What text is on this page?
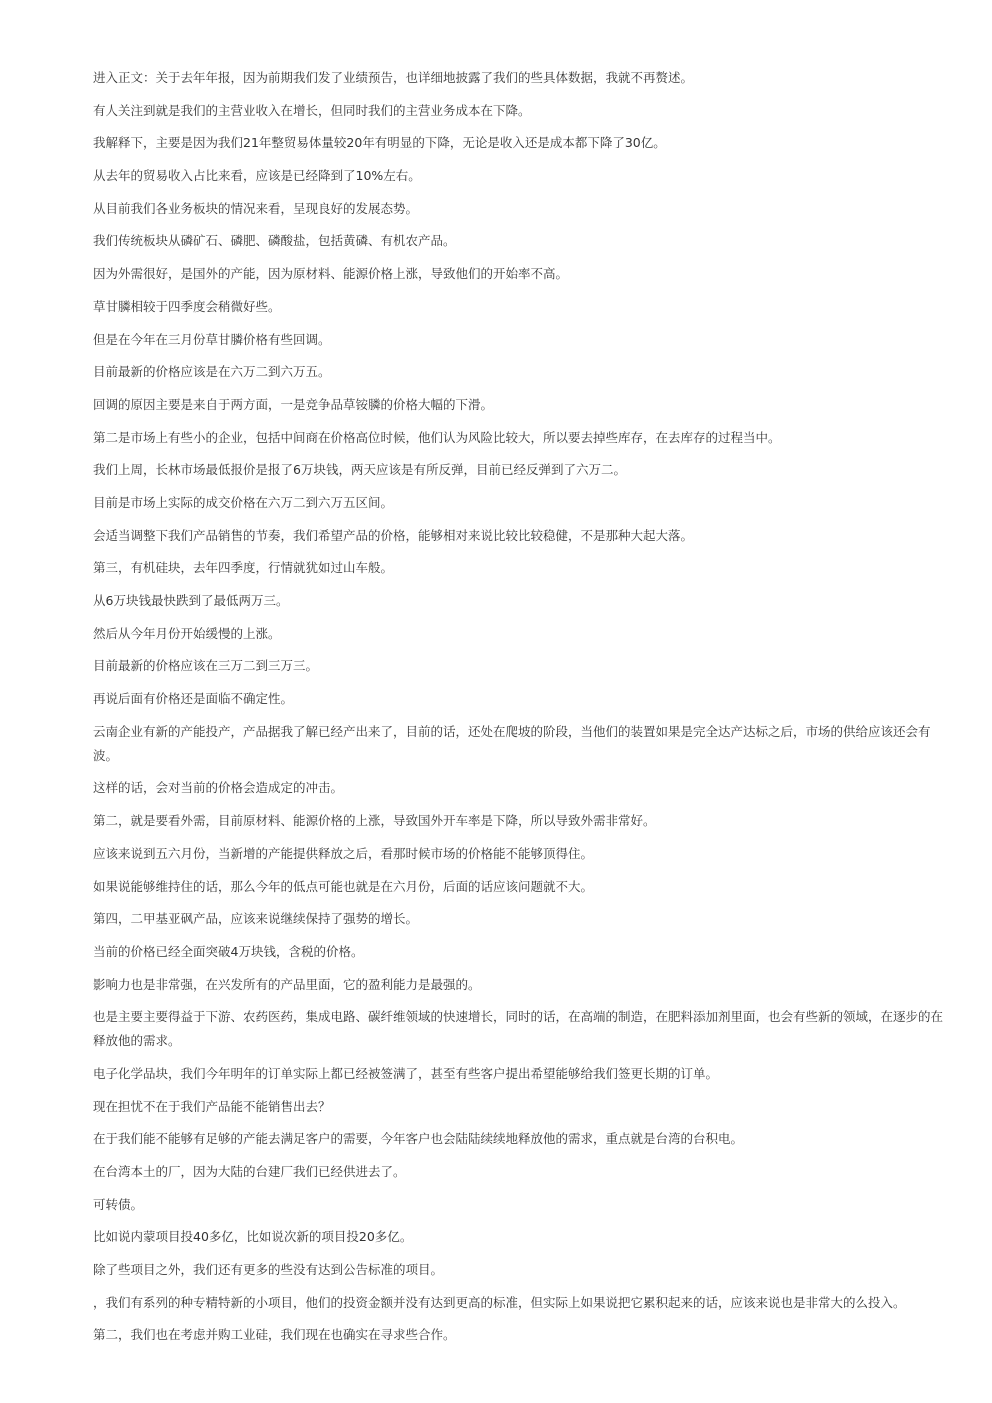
进入正文：关于去年年报，因为前期我们发了业绩预告，也详细地披露了我们的些具体数据，我就不再赘述。

有人关注到就是我们的主营业收入在增长，但同时我们的主营业务成本在下降。

我解释下，主要是因为我们21年整贸易体量较20年有明显的下降，无论是收入还是成本都下降了30亿。

从去年的贸易收入占比来看，应该是已经降到了10%左右。

从目前我们各业务板块的情况来看，呈现良好的发展态势。

我们传统板块从磷矿石、磷肥、磷酸盐，包括黄磷、有机农产品。

因为外需很好，是国外的产能，因为原材料、能源价格上涨，导致他们的开始率不高。

草甘膦相较于四季度会稍微好些。

但是在今年在三月份草甘膦价格有些回调。

目前最新的价格应该是在六万二到六万五。

回调的原因主要是来自于两方面，一是竞争品草铵膦的价格大幅的下滑。

第二是市场上有些小的企业，包括中间商在价格高位时候，他们认为风险比较大，所以要去掉些库存，在去库存的过程当中。

我们上周，长林市场最低报价是报了6万块钱，两天应该是有所反弹，目前已经反弹到了六万二。

目前是市场上实际的成交价格在六万二到六万五区间。

会适当调整下我们产品销售的节奏，我们希望产品的价格，能够相对来说比较比较稳健，不是那种大起大落。

第三，有机硅块，去年四季度，行情就犹如过山车般。

从6万块钱最快跌到了最低两万三。

然后从今年月份开始缓慢的上涨。

目前最新的价格应该在三万二到三万三。

再说后面有价格还是面临不确定性。

云南企业有新的产能投产，产品据我了解已经产出来了，目前的话，还处在爬坡的阶段，当他们的装置如果是完全达产达标之后，市场的供给应该还会有波。

这样的话，会对当前的价格会造成定的冲击。

第二，就是要看外需，目前原材料、能源价格的上涨，导致国外开车率是下降，所以导致外需非常好。

应该来说到五六月份，当新增的产能提供释放之后，看那时候市场的价格能不能够顶得住。

如果说能够维持住的话，那么今年的低点可能也就是在六月份，后面的话应该问题就不大。

第四，二甲基亚砜产品，应该来说继续保持了强势的增长。

当前的价格已经全面突破4万块钱，含税的价格。

影响力也是非常强，在兴发所有的产品里面，它的盈利能力是最强的。

也是主要主要得益于下游、农药医药，集成电路、碳纤维领域的快速增长，同时的话，在高端的制造，在肥料添加剂里面，也会有些新的领域，在逐步的在释放他的需求。

电子化学品块，我们今年明年的订单实际上都已经被签满了，甚至有些客户提出希望能够给我们签更长期的订单。

现在担忧不在于我们产品能不能销售出去？

在于我们能不能够有足够的产能去满足客户的需要，今年客户也会陆陆续续地释放他的需求，重点就是台湾的台积电。

在台湾本土的厂，因为大陆的台建厂我们已经供进去了。

可转债。

比如说内蒙项目投40多亿，比如说次新的项目投20多亿。

除了些项目之外，我们还有更多的些没有达到公告标准的项目。

，我们有系列的种专精特新的小项目，他们的投资金额并没有达到更高的标准，但实际上如果说把它累积起来的话，应该来说也是非常大的么投入。

第二，我们也在考虑并购工业硅，我们现在也确实在寻求些合作。
